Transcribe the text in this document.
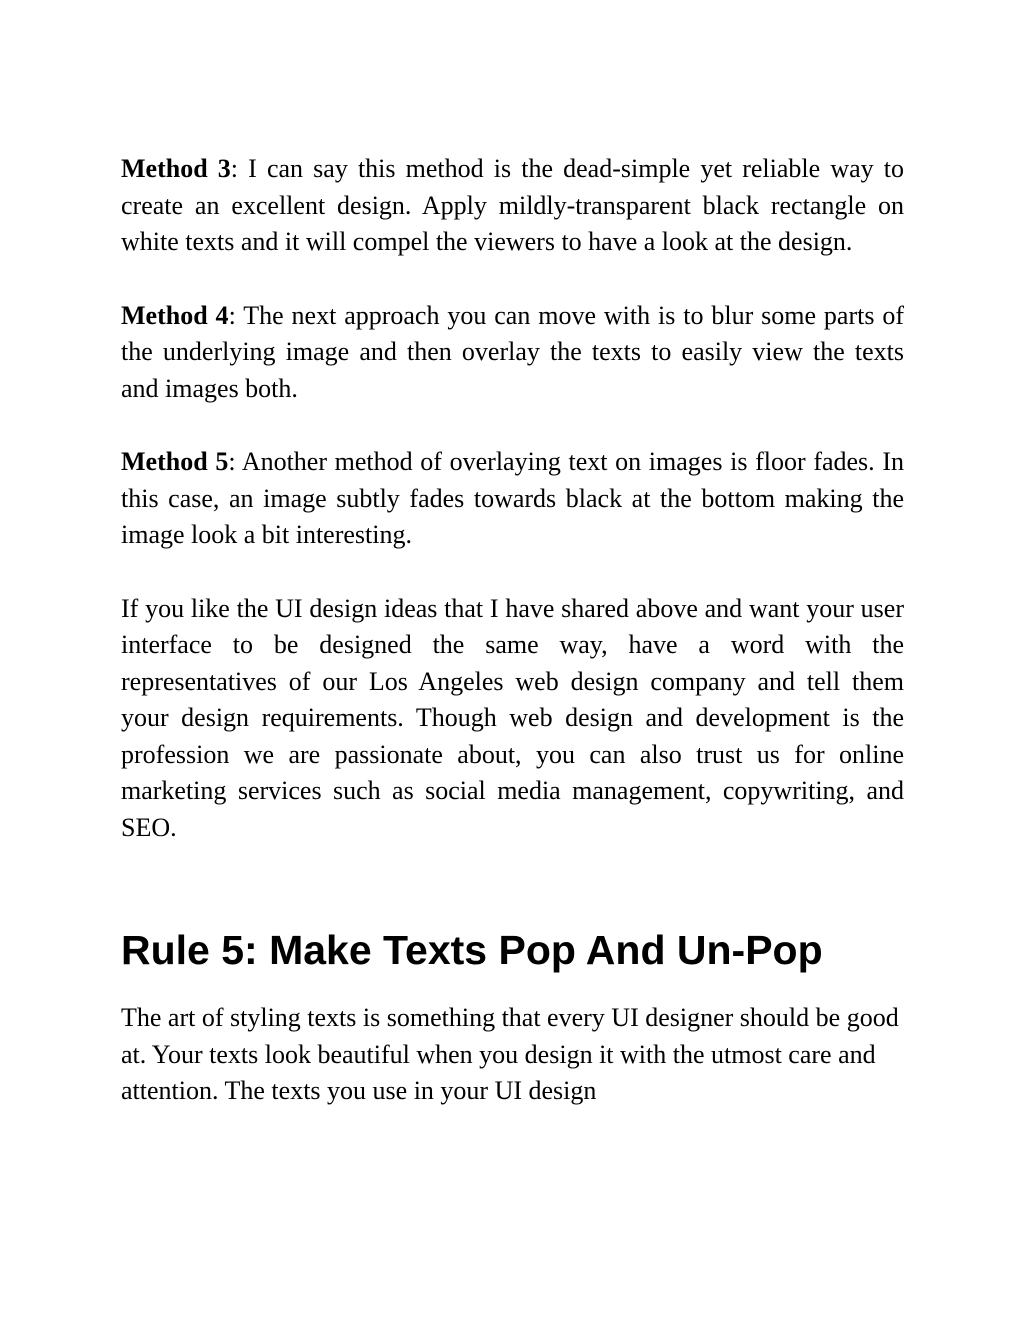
Method 3: I can say this method is the dead-simple yet reliable way to create an excellent design. Apply mildly-transparent black rectangle on white texts and it will compel the viewers to have a look at the design.

Method 4: The next approach you can move with is to blur some parts of the underlying image and then overlay the texts to easily view the texts and images both.

Method 5: Another method of overlaying text on images is floor fades. In this case, an image subtly fades towards black at the bottom making the image look a bit interesting.

If you like the UI design ideas that I have shared above and want your user interface to be designed the same way, have a word with the representatives of our Los Angeles web design company and tell them your design requirements. Though web design and development is the profession we are passionate about, you can also trust us for online marketing services such as social media management, copywriting, and SEO.

Rule 5: Make Texts Pop And Un-Pop

The art of styling texts is something that every UI designer should be good at. Your texts look beautiful when you design it with the utmost care and attention. The texts you use in your UI design
